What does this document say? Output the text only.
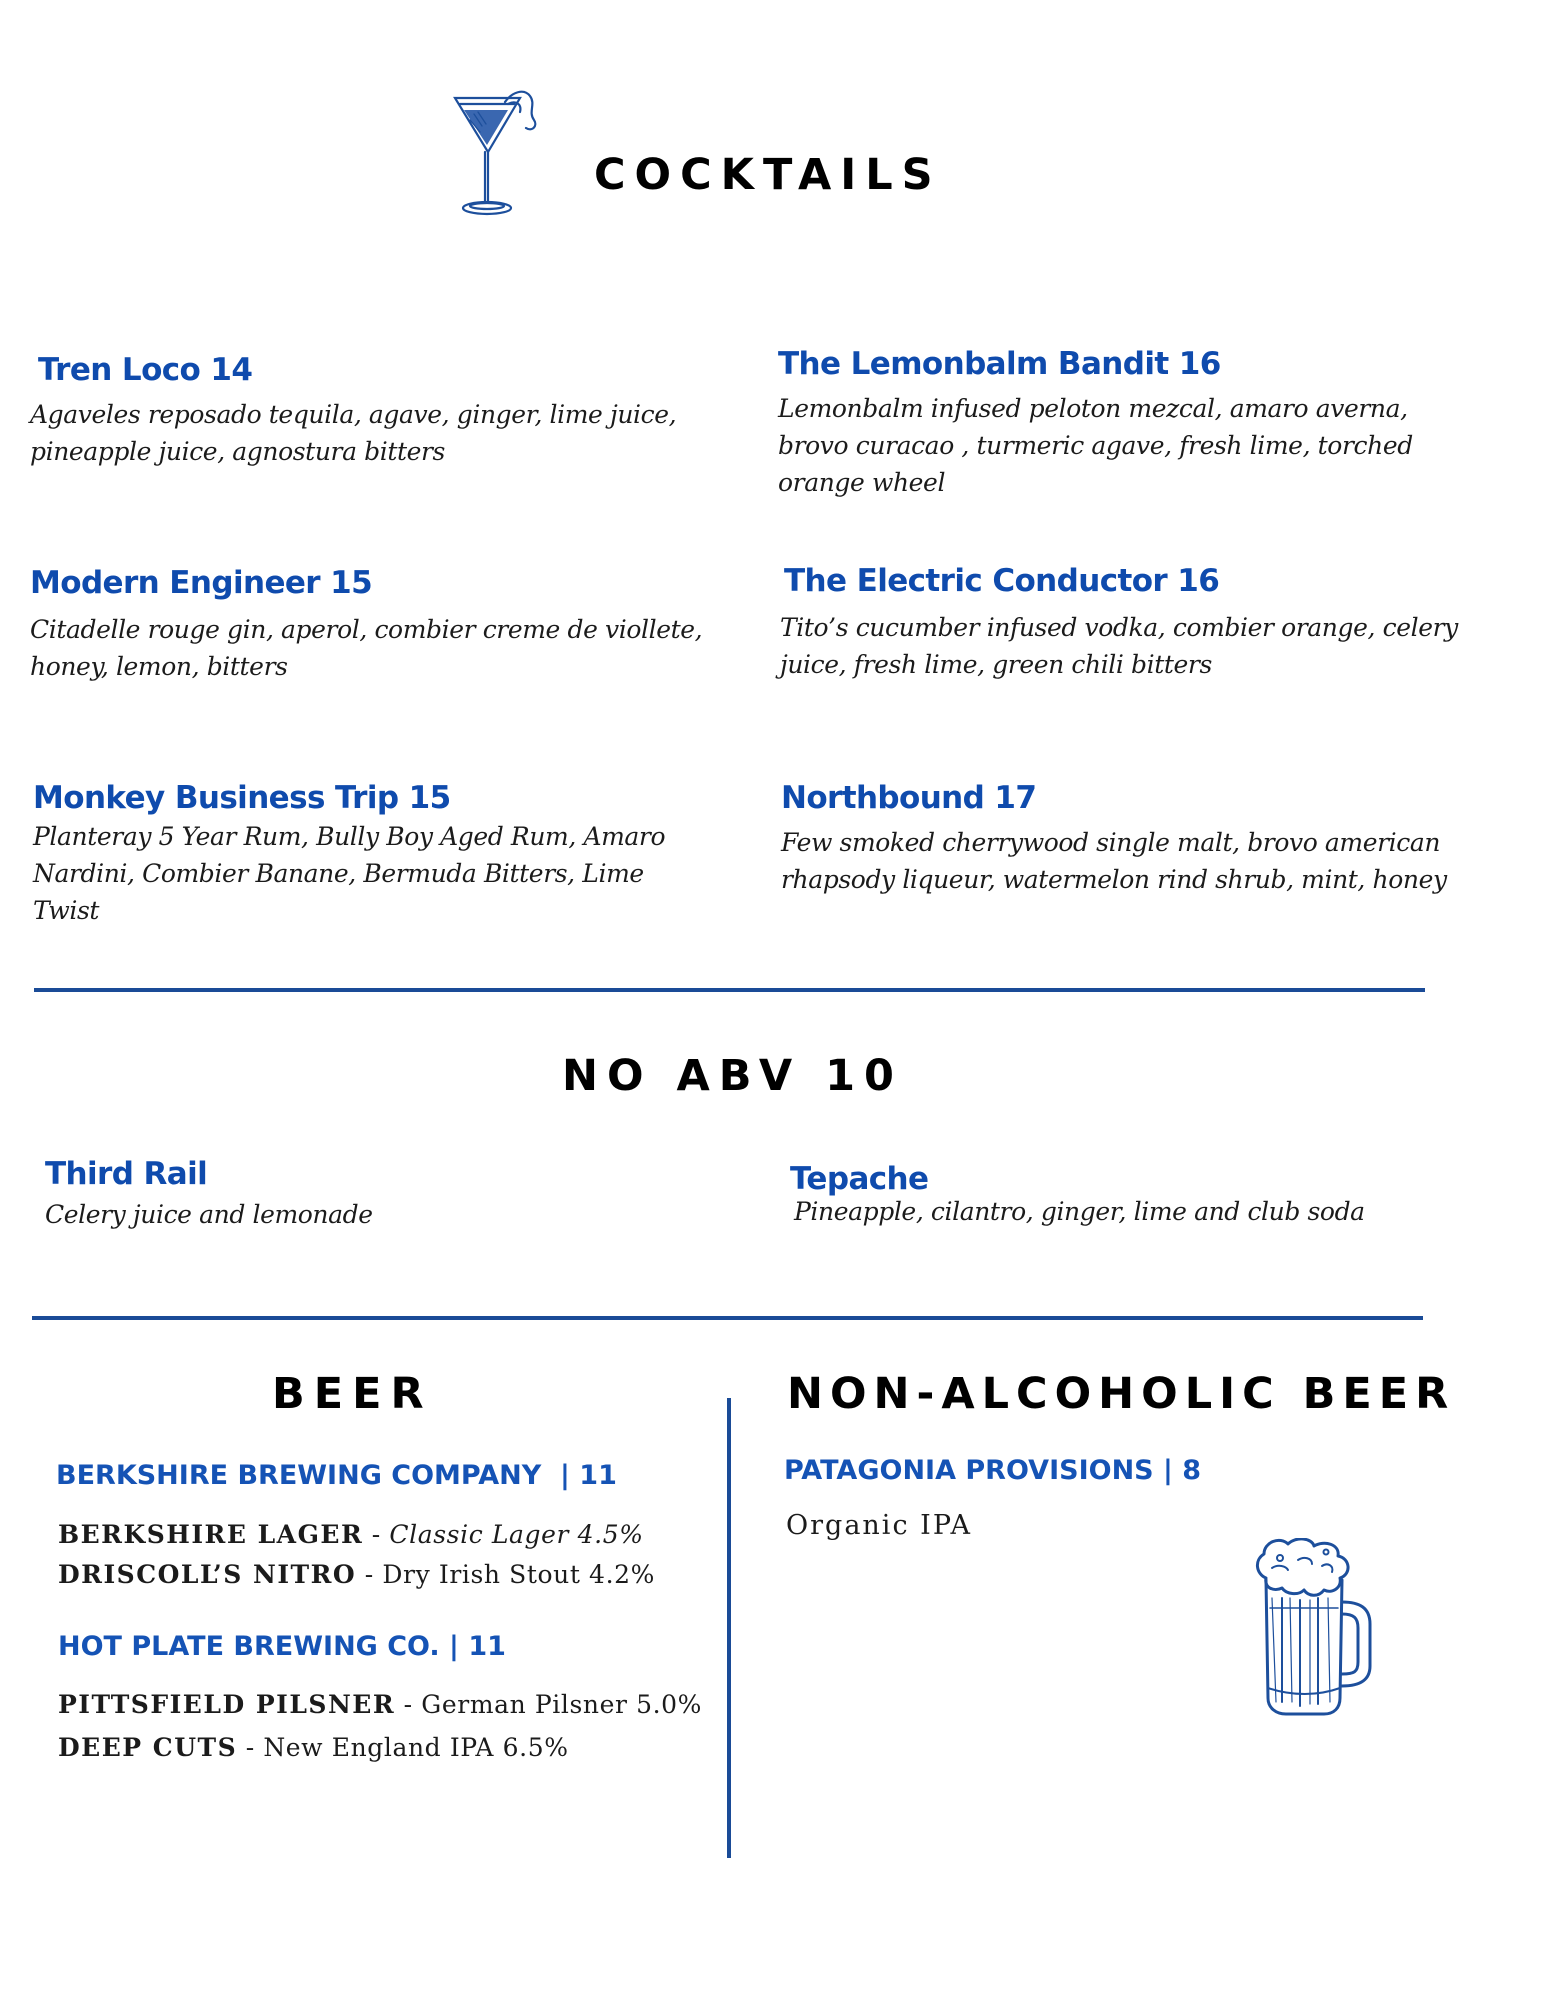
COCKTAILS
Tren Loco 14
Agaveles reposado tequila, agave, ginger, lime juice, pineapple juice, agnostura bitters
The Lemonbalm Bandit 16
Lemonbalm infused peloton mezcal, amaro averna, brovo curacao , turmeric agave, fresh lime, torched orange wheel
Modern Engineer 15
Citadelle rouge gin, aperol, combier creme de viollete, honey, lemon, bitters
The Electric Conductor 16
Tito’s cucumber infused vodka, combier orange, celery juice, fresh lime, green chili bitters
Monkey Business Trip 15
Planteray 5 Year Rum, Bully Boy Aged Rum, Amaro Nardini, Combier Banane, Bermuda Bitters, Lime Twist
Northbound 17
Few smoked cherrywood single malt, brovo american rhapsody liqueur, watermelon rind shrub, mint, honey
NO ABV 10
Third Rail
Celery juice and lemonade
Tepache
Pineapple, cilantro, ginger, lime and club soda
BEER
BERKSHIRE BREWING COMPANY  | 11
BERKSHIRE LAGER - Classic Lager 4.5%
DRISCOLL’S NITRO - Dry Irish Stout 4.2%
HOT PLATE BREWING CO. | 11
PITTSFIELD PILSNER - German Pilsner 5.0%
DEEP CUTS - New England IPA 6.5%
NON-ALCOHOLIC BEER
PATAGONIA PROVISIONS | 8
Organic IPA
